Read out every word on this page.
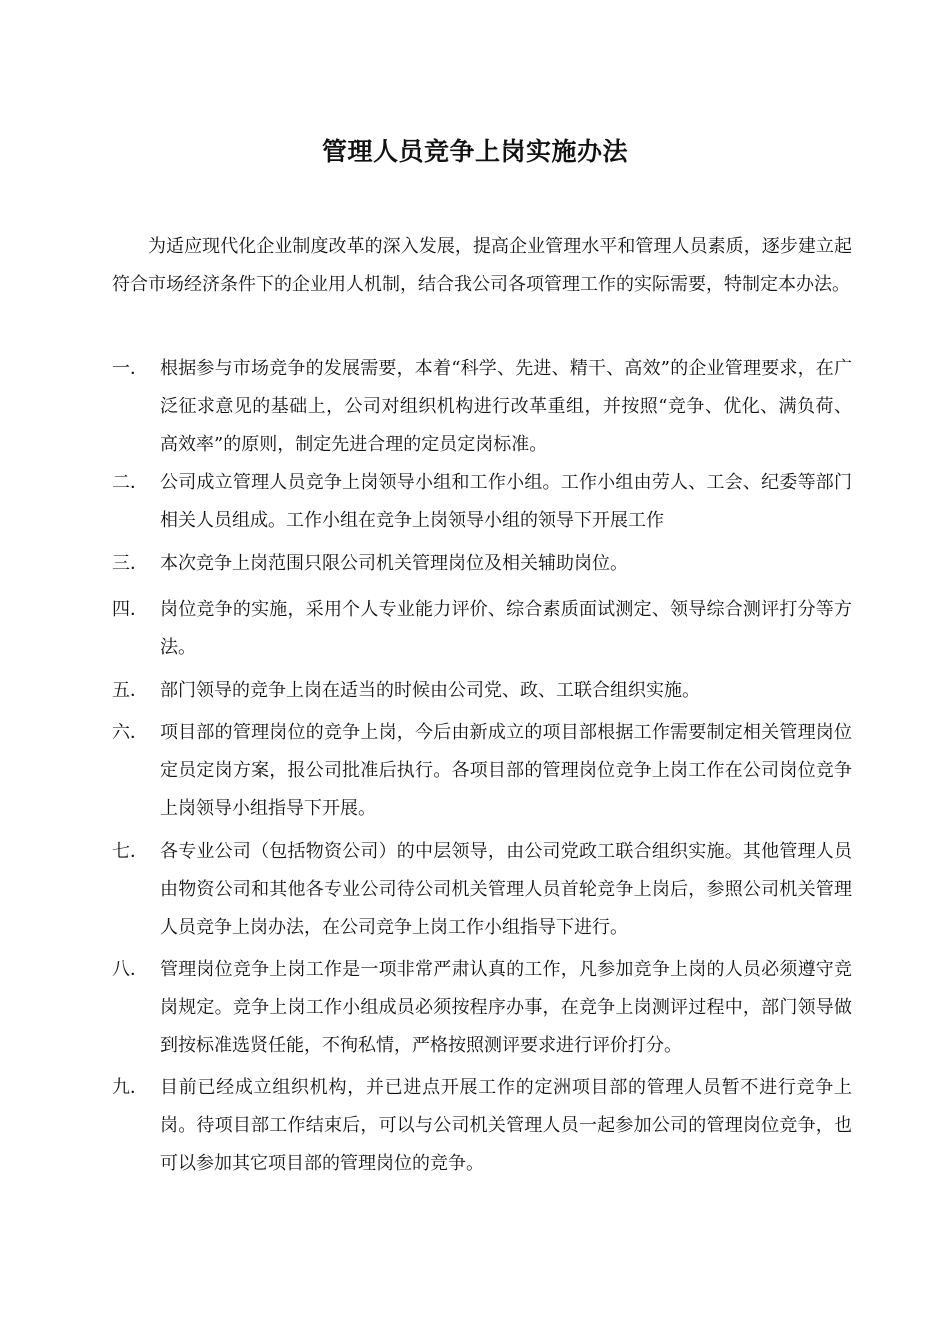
管理人员竞争上岗实施办法

为适应现代化企业制度改革的深入发展，提高企业管理水平和管理人员素质，逐步建立起符合市场经济条件下的企业用人机制，结合我公司各项管理工作的实际需要，特制定本办法。

一． 根据参与市场竞争的发展需要，本着“科学、先进、精干、高效”的企业管理要求，在广泛征求意见的基础上，公司对组织机构进行改革重组，并按照“竞争、优化、满负荷、高效率”的原则，制定先进合理的定员定岗标准。
二． 公司成立管理人员竞争上岗领导小组和工作小组。工作小组由劳人、工会、纪委等部门相关人员组成。工作小组在竞争上岗领导小组的领导下开展工作
三． 本次竞争上岗范围只限公司机关管理岗位及相关辅助岗位。
四． 岗位竞争的实施，采用个人专业能力评价、综合素质面试测定、领导综合测评打分等方法。
五． 部门领导的竞争上岗在适当的时候由公司党、政、工联合组织实施。
六． 项目部的管理岗位的竞争上岗，今后由新成立的项目部根据工作需要制定相关管理岗位定员定岗方案，报公司批准后执行。各项目部的管理岗位竞争上岗工作在公司岗位竞争上岗领导小组指导下开展。
七． 各专业公司（包括物资公司）的中层领导，由公司党政工联合组织实施。其他管理人员由物资公司和其他各专业公司待公司机关管理人员首轮竞争上岗后，参照公司机关管理人员竞争上岗办法，在公司竞争上岗工作小组指导下进行。
八． 管理岗位竞争上岗工作是一项非常严肃认真的工作，凡参加竞争上岗的人员必须遵守竞岗规定。竞争上岗工作小组成员必须按程序办事，在竞争上岗测评过程中，部门领导做到按标准选贤任能，不徇私情，严格按照测评要求进行评价打分。
九． 目前已经成立组织机构，并已进点开展工作的定洲项目部的管理人员暂不进行竞争上岗。待项目部工作结束后，可以与公司机关管理人员一起参加公司的管理岗位竞争，也可以参加其它项目部的管理岗位的竞争。
